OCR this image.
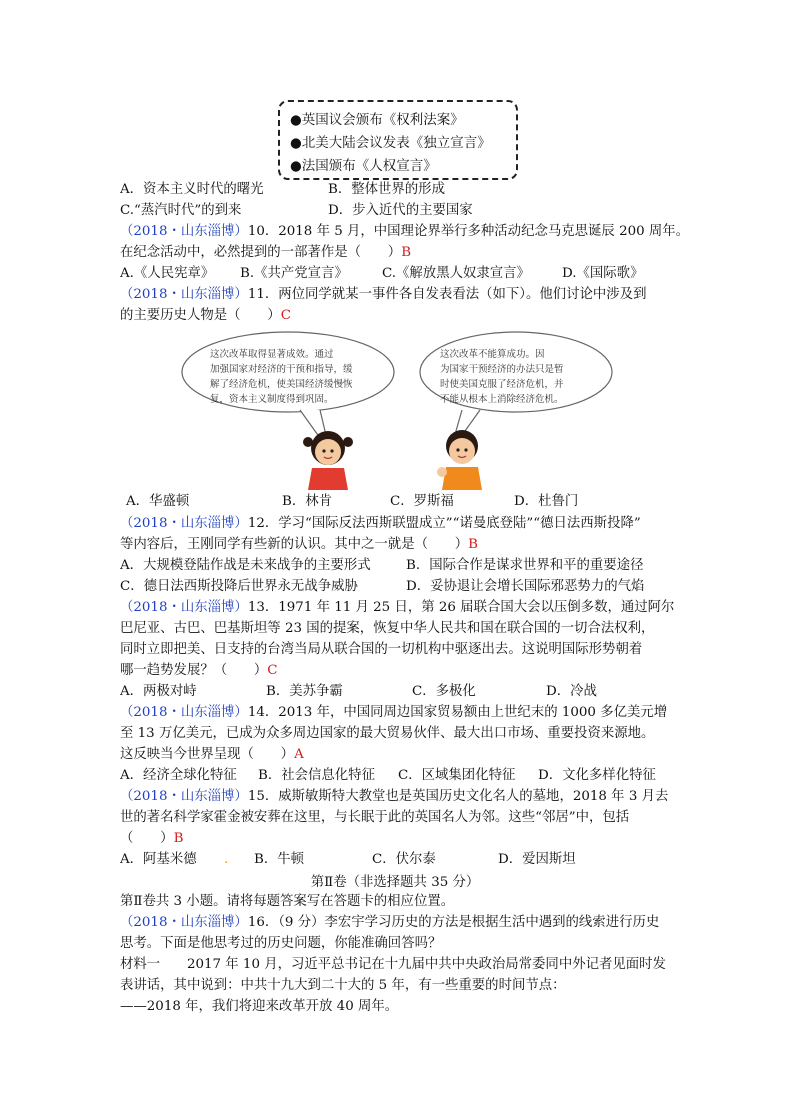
●英国议会颁布《权利法案》
●北美大陆会议发表《独立宣言》
●法国颁布《人权宣言》
A．资本主义时代的曙光	B．整体世界的形成
C.“蒸汽时代”的到来	D．步入近代的主要国家
（2018・山东淄博）10．2018 年 5 月，中国理论界举行多种活动纪念马克思诞辰 200 周年。
在纪念活动中，必然提到的一部著作是（　　）B
A.《人民宪章》 B.《共产党宣言》	C.《解放黑人奴隶宣言》 D.《国际歌》
（2018・山东淄博）11．两位同学就某一事件各自发表看法（如下）。他们讨论中涉及到
的主要历史人物是（　　）C
这次改革取得显著成效。通过
加强国家对经济的干预和指导，缓
解了经济危机，使美国经济缓慢恢
复，资本主义制度得到巩固。
这次改革不能算成功。因
为国家干预经济的办法只是暂
时使美国克服了经济危机，并
不能从根本上消除经济危机。
A．华盛顿	B．林肯	C．罗斯福	D．杜鲁门
（2018・山东淄博）12．学习“国际反法西斯联盟成立”“诺曼底登陆”“德日法西斯投降”
等内容后，王刚同学有些新的认识。其中之一就是（　　）B
A．大规模登陆作战是未来战争的主要形式	B．国际合作是谋求世界和平的重要途径
C．德日法西斯投降后世界永无战争威胁	D．妥协退让会增长国际邪恶势力的气焰
（2018・山东淄博）13．1971 年 11 月 25 日，第 26 届联合国大会以压倒多数，通过阿尔
巴尼亚、古巴、巴基斯坦等 23 国的提案，恢复中华人民共和国在联合国的一切合法权利，
同时立即把美、日支持的台湾当局从联合国的一切机构中驱逐出去。这说明国际形势朝着
哪一趋势发展？（　　）C
A．两极对峙	B．美苏争霸	C．多极化	D．冷战
（2018・山东淄博）14．2013 年，中国同周边国家贸易额由上世纪末的 1000 多亿美元增
至 13 万亿美元，已成为众多周边国家的最大贸易伙伴、最大出口市场、重要投资来源地。
这反映当今世界呈现（　　）A
A．经济全球化特征 B．社会信息化特征 C．区域集团化特征 D．文化多样化特征
（2018・山东淄博）15．威斯敏斯特大教堂也是英国历史文化名人的墓地，2018 年 3 月去
世的著名科学家霍金被安葬在这里，与长眠于此的英国名人为邻。这些“邻居”中，包括
（　　）B
A．阿基米德 . B．牛顿	C．伏尔泰	D．爱因斯坦
第Ⅱ卷（非选择题共 35 分）
第Ⅱ卷共 3 小题。请将每题答案写在答题卡的相应位置。
（2018・山东淄博）16．（9 分）李宏宇学习历史的方法是根据生活中遇到的线索进行历史
思考。下面是他思考过的历史问题，你能准确回答吗？
材料一　　2017 年 10 月，习近平总书记在十九届中共中央政治局常委同中外记者见面时发
表讲话，其中说到：中共十九大到二十大的 5 年，有一些重要的时间节点：
——2018 年，我们将迎来改革开放 40 周年。
